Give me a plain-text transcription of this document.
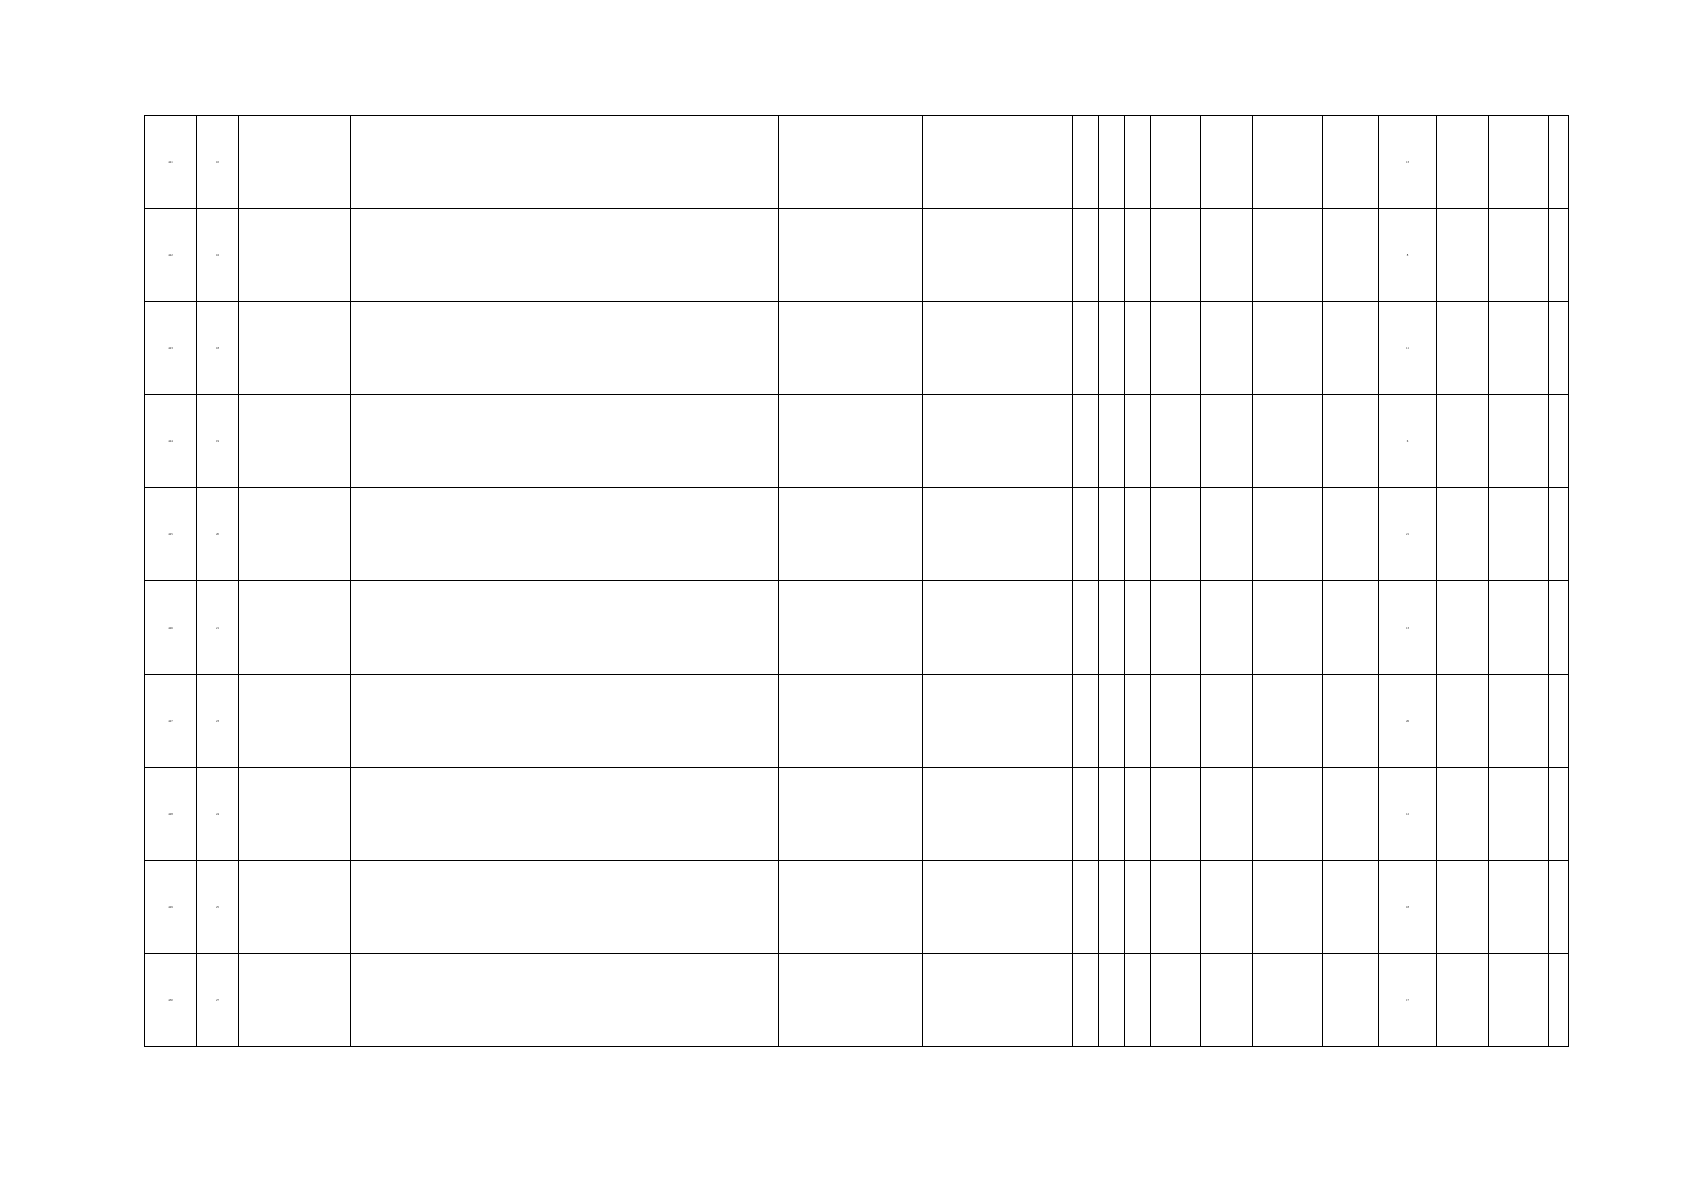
421	10												13			
422	16												8			
423	18												11			
424	19												6			
425	20												21			
426	21												13			
427	23												26			
428	24												12			
429	25												18			
430	27												17			
